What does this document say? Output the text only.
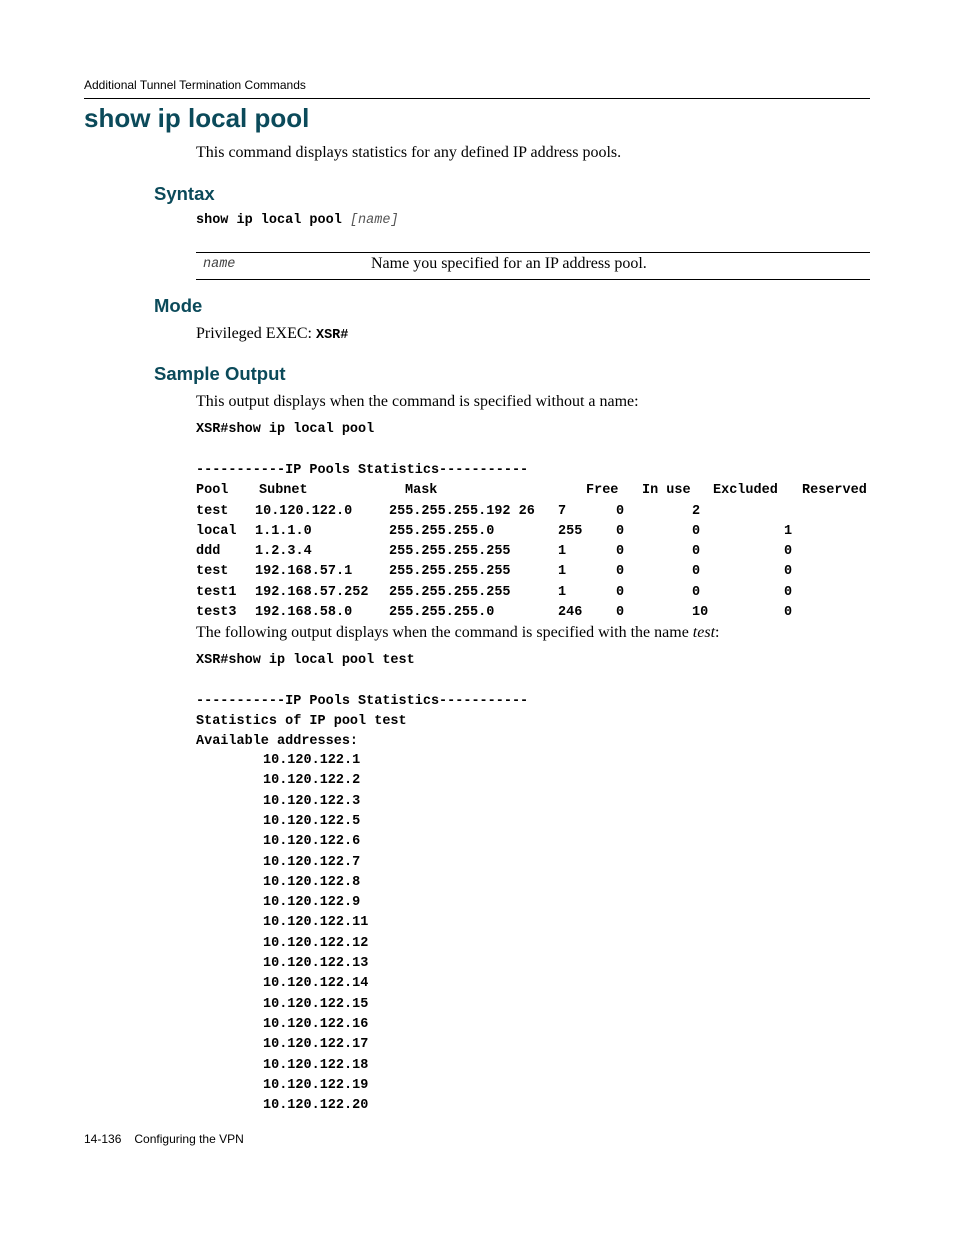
Additional Tunnel Termination Commands
show ip local pool
This command displays statistics for any defined IP address pools.
Syntax
show ip local pool [name]
name	Name you specified for an IP address pool.
Mode
Privileged EXEC: XSR#
Sample Output
This output displays when the command is specified without a name:
XSR#show ip local pool
-----------IP Pools Statistics-----------
Pool Subnet	Mask	Free In use Excluded Reserved
test 10.120.122.0	255.255.255.192 26 7	0	2
local 1.1.1.0	255.255.255.0	255 0	0	1
ddd	1.2.3.4	255.255.255.255	1	0	0	0
test 192.168.57.1	255.255.255.255	1	0	0	0
test1 192.168.57.252 255.255.255.255	1	0	0	0
test3 192.168.58.0	255.255.255.0	246 0	10	0
The following output displays when the command is specified with the name test:
XSR#show ip local pool test
-----------IP Pools Statistics-----------
Statistics of IP pool test
Available addresses:
10.120.122.1
10.120.122.2
10.120.122.3
10.120.122.5
10.120.122.6
10.120.122.7
10.120.122.8
10.120.122.9
10.120.122.11
10.120.122.12
10.120.122.13
10.120.122.14
10.120.122.15
10.120.122.16
10.120.122.17
10.120.122.18
10.120.122.19
10.120.122.20
14-136 Configuring the VPN
